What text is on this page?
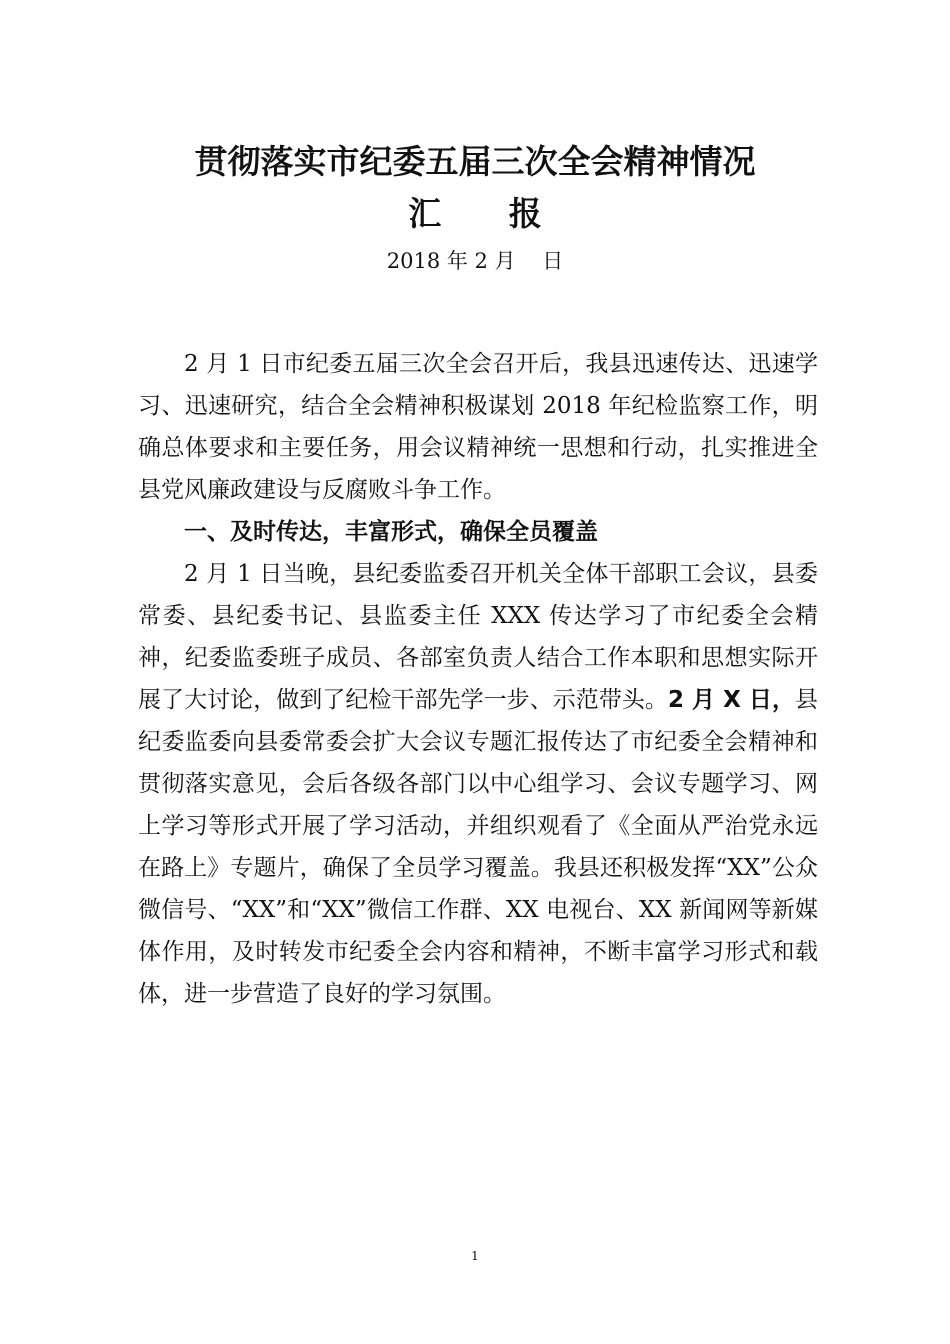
贯彻落实市纪委五届三次全会精神情况
汇 报
2018 年 2 月    日

2 月 1 日市纪委五届三次全会召开后，我县迅速传达、迅速学习、迅速研究，结合全会精神积极谋划 2018 年纪检监察工作，明确总体要求和主要任务，用会议精神统一思想和行动，扎实推进全县党风廉政建设与反腐败斗争工作。

一、及时传达，丰富形式，确保全员覆盖

2 月 1 日当晚，县纪委监委召开机关全体干部职工会议，县委常委、县纪委书记、县监委主任 XXX 传达学习了市纪委全会精神，纪委监委班子成员、各部室负责人结合工作本职和思想实际开展了大讨论，做到了纪检干部先学一步、示范带头。2 月 X 日，县纪委监委向县委常委会扩大会议专题汇报传达了市纪委全会精神和贯彻落实意见，会后各级各部门以中心组学习、会议专题学习、网上学习等形式开展了学习活动，并组织观看了《全面从严治党永远在路上》专题片，确保了全员学习覆盖。我县还积极发挥“XX”公众微信号、“XX”和“XX”微信工作群、XX 电视台、XX 新闻网等新媒体作用，及时转发市纪委全会内容和精神，不断丰富学习形式和载体，进一步营造了良好的学习氛围。

1
